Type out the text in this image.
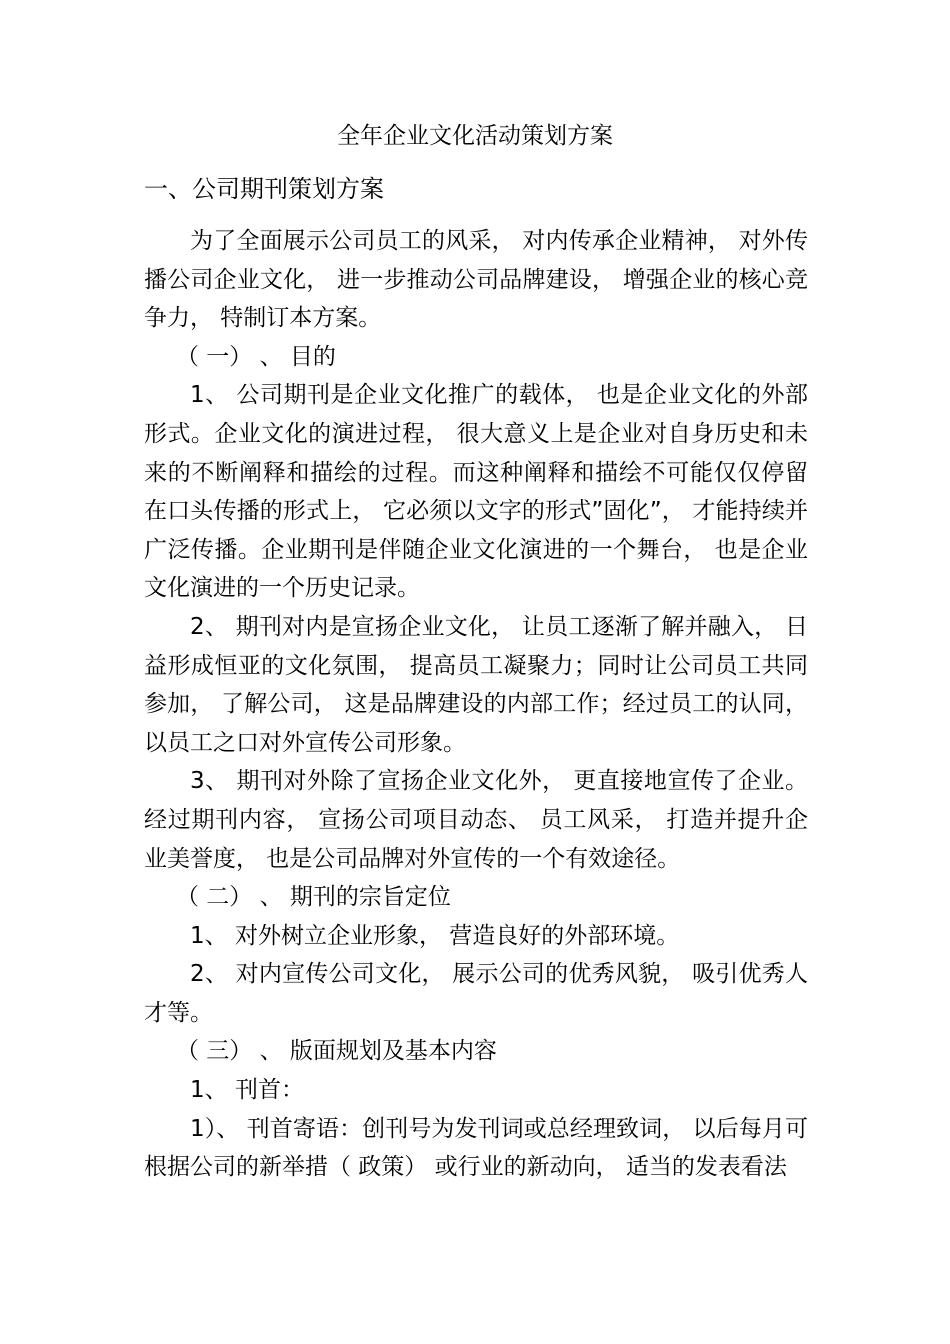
全年企业文化活动策划方案
一、公司期刊策划方案

为了全面展示公司员工的风采， 对内传承企业精神， 对外传播公司企业文化， 进一步推动公司品牌建设， 增强企业的核心竞争力， 特制订本方案。

（ 一） 、 目的

1、 公司期刊是企业文化推广的载体， 也是企业文化的外部形式。企业文化的演进过程， 很大意义上是企业对自身历史和未来的不断阐释和描绘的过程。而这种阐释和描绘不可能仅仅停留在口头传播的形式上， 它必须以文字的形式”固化”， 才能持续并广泛传播。企业期刊是伴随企业文化演进的一个舞台， 也是企业文化演进的一个历史记录。

2、 期刊对内是宣扬企业文化， 让员工逐渐了解并融入， 日益形成恒亚的文化氛围， 提高员工凝聚力；同时让公司员工共同参加， 了解公司， 这是品牌建设的内部工作；经过员工的认同， 以员工之口对外宣传公司形象。

3、 期刊对外除了宣扬企业文化外， 更直接地宣传了企业。经过期刊内容， 宣扬公司项目动态、 员工风采， 打造并提升企业美誉度， 也是公司品牌对外宣传的一个有效途径。

（ 二） 、 期刊的宗旨定位

1、 对外树立企业形象， 营造良好的外部环境。

2、 对内宣传公司文化， 展示公司的优秀风貌， 吸引优秀人才等。

（ 三） 、 版面规划及基本内容

1、 刊首：

1）、 刊首寄语：创刊号为发刊词或总经理致词， 以后每月可根据公司的新举措（ 政策） 或行业的新动向， 适当的发表看法
